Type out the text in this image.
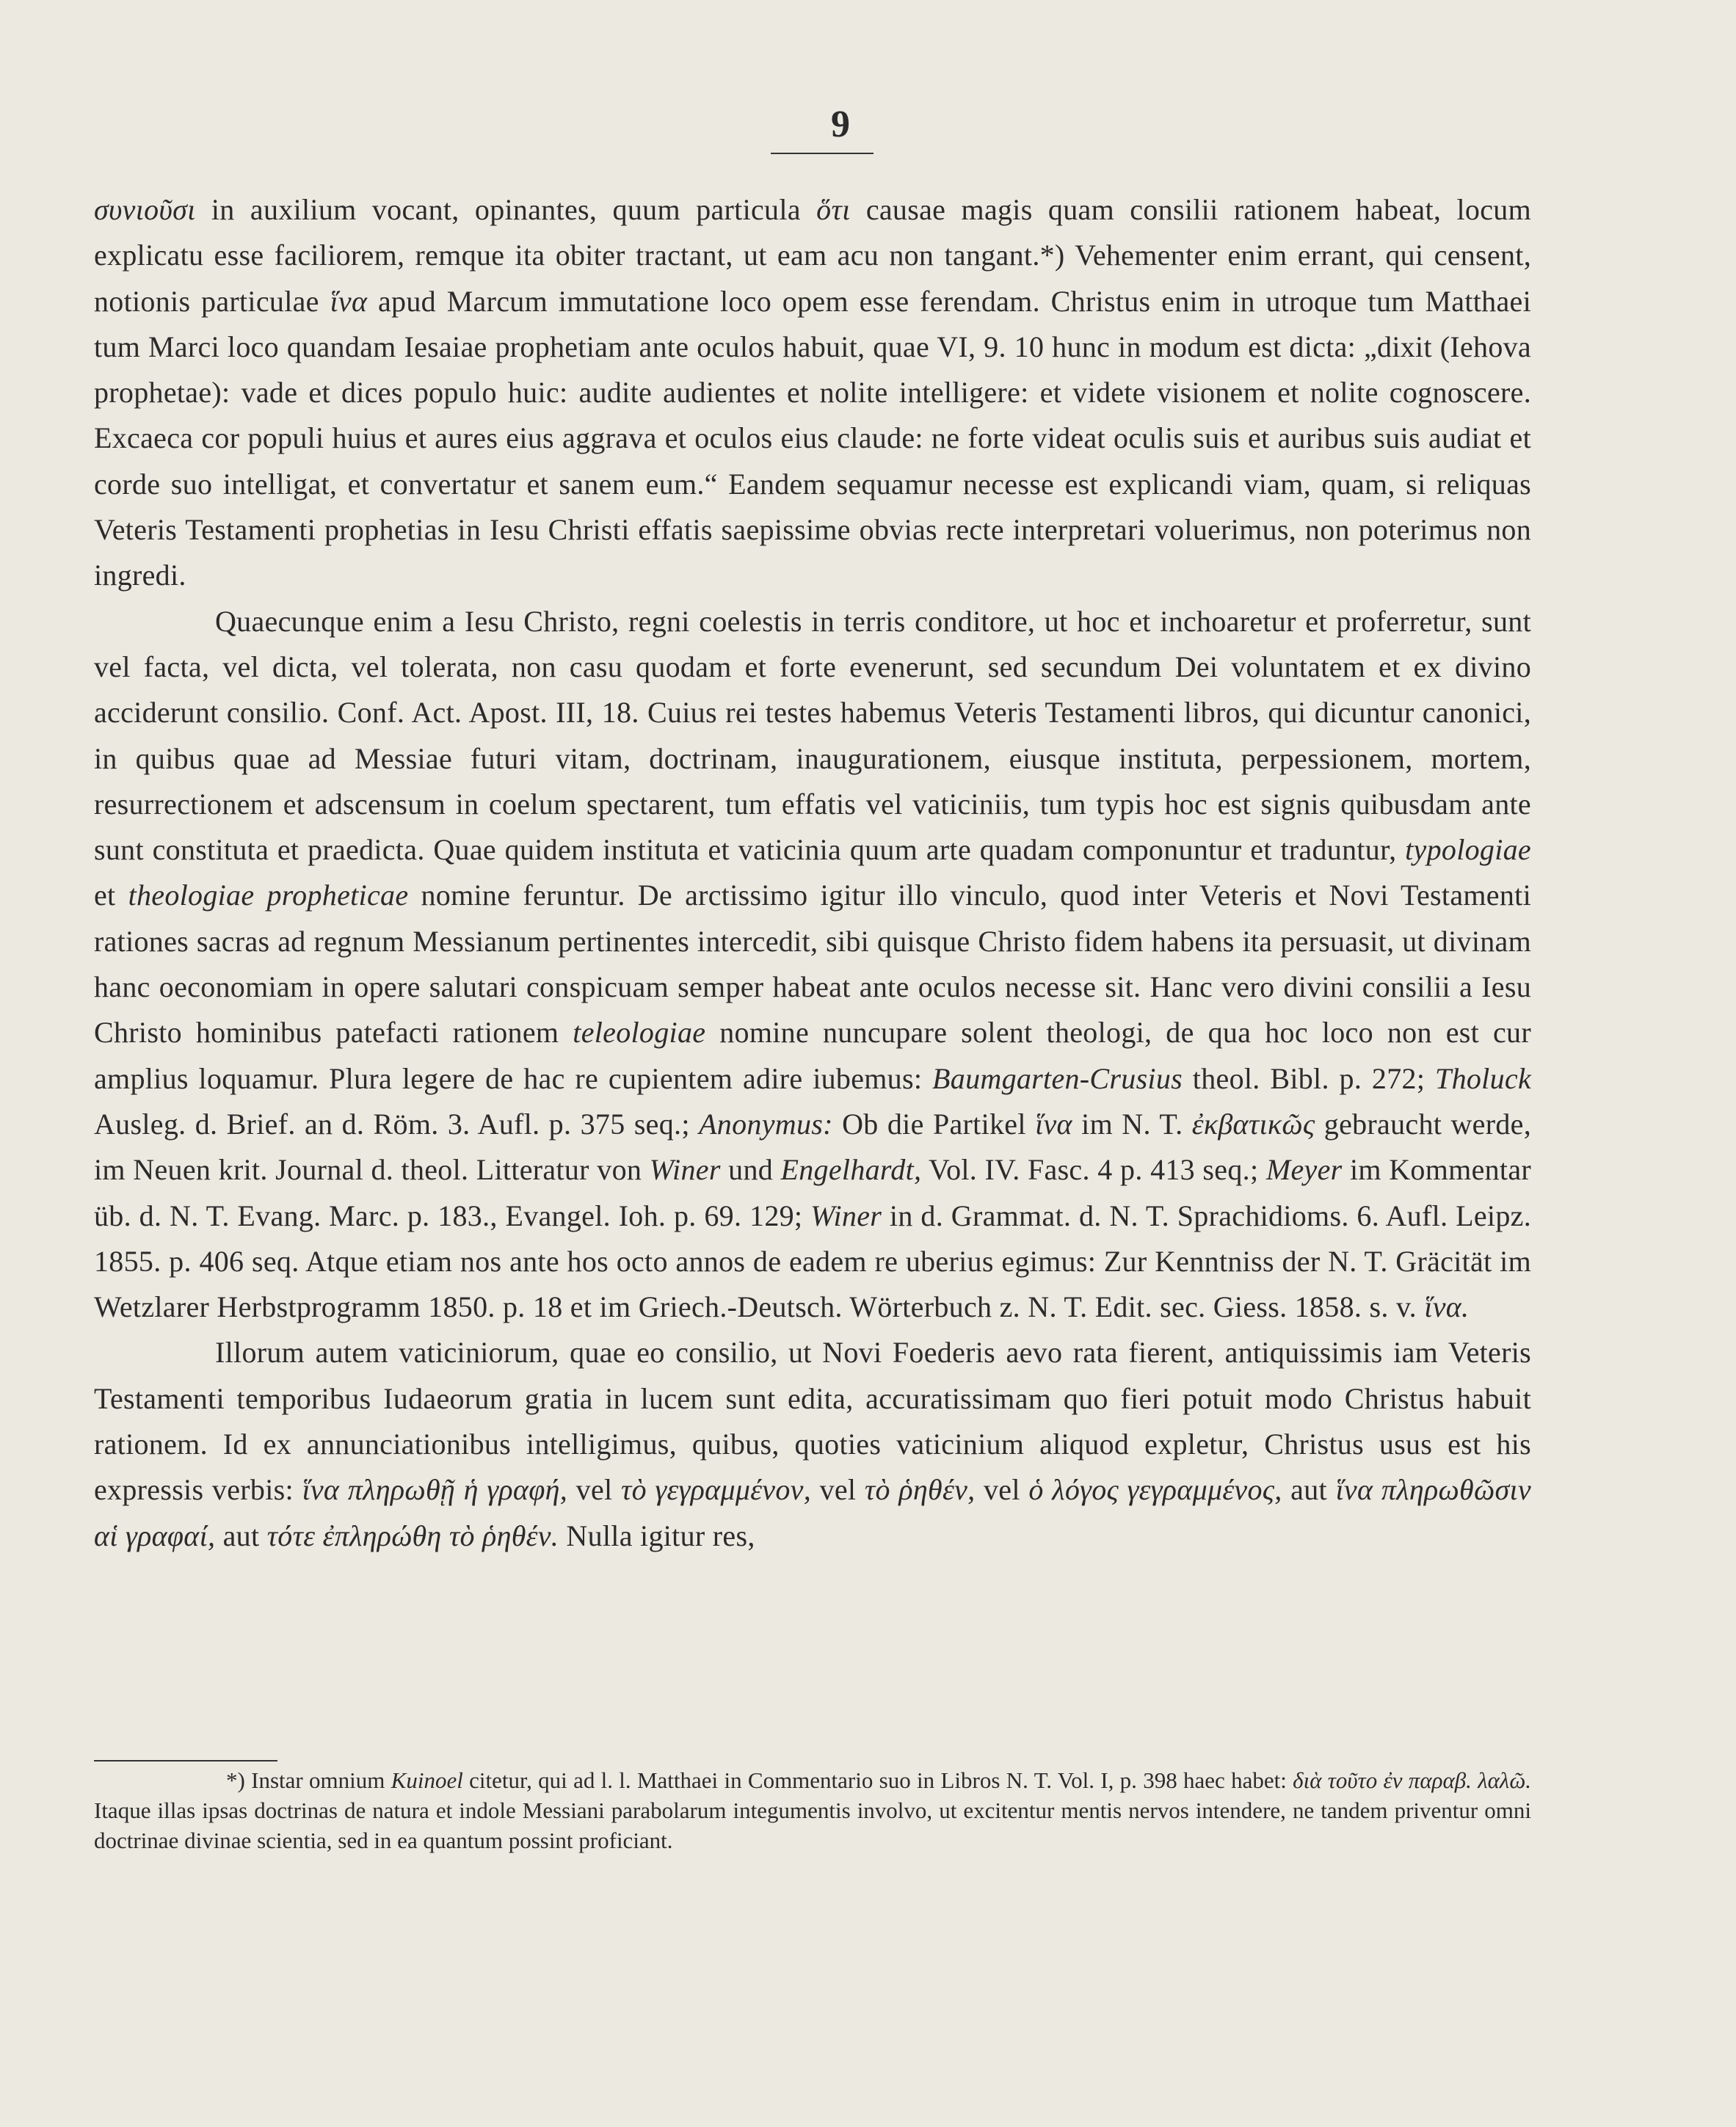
9

συνιοῦσι in auxilium vocant, opinantes, quum particula ὅτι causae magis quam consilii rationem habeat, locum explicatu esse faciliorem, remque ita obiter tractant, ut eam acu non tangant.*) Vehementer enim errant, qui censent, notionis particulae ἵνα apud Marcum immutatione loco opem esse ferendam. Christus enim in utroque tum Matthaei tum Marci loco quandam Iesaiae prophetiam ante oculos habuit, quae VI, 9. 10 hunc in modum est dicta: „dixit (Iehova prophetae): vade et dices populo huic: audite audientes et nolite intelligere: et videte visionem et nolite cognoscere. Excaeca cor populi huius et aures eius aggrava et oculos eius claude: ne forte videat oculis suis et auribus suis audiat et corde suo intelligat, et convertatur et sanem eum.“ Eandem sequamur necesse est explicandi viam, quam, si reliquas Veteris Testamenti prophetias in Iesu Christi effatis saepissime obvias recte interpretari voluerimus, non poterimus non ingredi.

Quaecunque enim a Iesu Christo, regni coelestis in terris conditore, ut hoc et inchoaretur et proferretur, sunt vel facta, vel dicta, vel tolerata, non casu quodam et forte evenerunt, sed secundum Dei voluntatem et ex divino acciderunt consilio. Conf. Act. Apost. III, 18. Cuius rei testes habemus Veteris Testamenti libros, qui dicuntur canonici, in quibus quae ad Messiae futuri vitam, doctrinam, inaugurationem, eiusque instituta, perpessionem, mortem, resurrectionem et adscensum in coelum spectarent, tum effatis vel vaticiniis, tum typis hoc est signis quibusdam ante sunt constituta et praedicta. Quae quidem instituta et vaticinia quum arte quadam componuntur et traduntur, typologiae et theologiae propheticae nomine feruntur. De arctissimo igitur illo vinculo, quod inter Veteris et Novi Testamenti rationes sacras ad regnum Messianum pertinentes intercedit, sibi quisque Christo fidem habens ita persuasit, ut divinam hanc oeconomiam in opere salutari conspicuam semper habeat ante oculos necesse sit. Hanc vero divini consilii a Iesu Christo hominibus patefacti rationem teleologiae nomine nuncupare solent theologi, de qua hoc loco non est cur amplius loquamur. Plura legere de hac re cupientem adire iubemus: Baumgarten-Crusius theol. Bibl. p. 272; Tholuck Ausleg. d. Brief. an d. Röm. 3. Aufl. p. 375 seq.; Anonymus: Ob die Partikel ἵνα im N. T. ἐκβατικῶς gebraucht werde, im Neuen krit. Journal d. theol. Litteratur von Winer und Engelhardt, Vol. IV. Fasc. 4 p. 413 seq.; Meyer im Kommentar üb. d. N. T. Evang. Marc. p. 183., Evangel. Ioh. p. 69. 129; Winer in d. Grammat. d. N. T. Sprachidioms. 6. Aufl. Leipz. 1855. p. 406 seq. Atque etiam nos ante hos octo annos de eadem re uberius egimus: Zur Kenntniss der N. T. Gräcität im Wetzlarer Herbstprogramm 1850. p. 18 et im Griech.-Deutsch. Wörterbuch z. N. T. Edit. sec. Giess. 1858. s. v. ἵνα.

Illorum autem vaticiniorum, quae eo consilio, ut Novi Foederis aevo rata fierent, antiquissimis iam Veteris Testamenti temporibus Iudaeorum gratia in lucem sunt edita, accuratissimam quo fieri potuit modo Christus habuit rationem. Id ex annunciationibus intelligimus, quibus, quoties vaticinium aliquod expletur, Christus usus est his expressis verbis: ἵνα πληρωθῇ ἡ γραφή, vel τὸ γεγραμμένον, vel τὸ ῥηθέν, vel ὁ λόγος γεγραμμένος, aut ἵνα πληρωθῶσιν αἱ γραφαί, aut τότε ἐπληρώθη τὸ ῥηθέν. Nulla igitur res,

*) Instar omnium Kuinoel citetur, qui ad l. l. Matthaei in Commentario suo in Libros N. T. Vol. I, p. 398 haec habet: διὰ τοῦτο ἐν παραβ. λαλῶ. Itaque illas ipsas doctrinas de natura et indole Messiani parabolarum integumentis involvo, ut excitentur mentis nervos intendere, ne tandem priventur omni doctrinae divinae scientia, sed in ea quantum possint proficiant.
